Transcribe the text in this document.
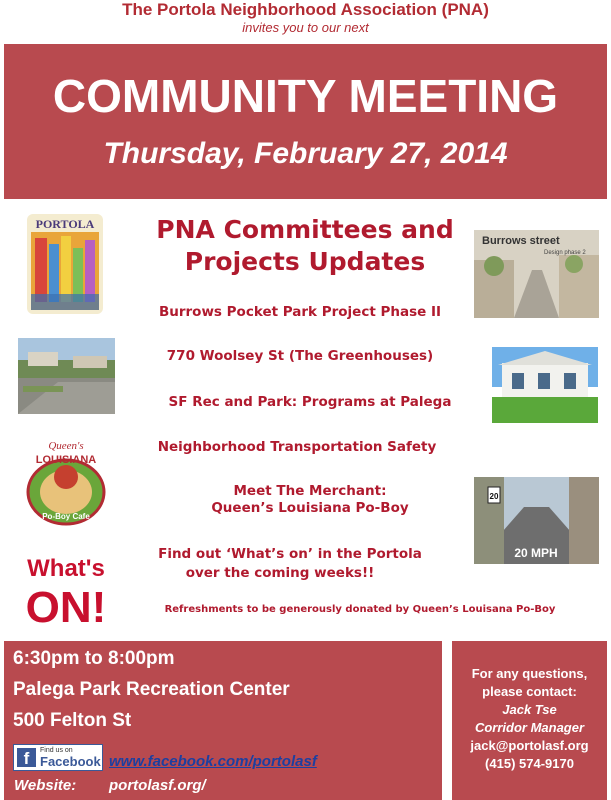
The Portola Neighborhood Association (PNA)
invites you to our next
COMMUNITY MEETING
Thursday, February 27, 2014
PORTOLA
Queen's
LOUISIANA
Po-Boy Cafe
What's
ON!
Burrows street
Design phase 2
20
20 MPH
PNA Committees and
Projects Updates
Burrows Pocket Park Project Phase II
770 Woolsey St (The Greenhouses)
SF Rec and Park: Programs at Palega
Neighborhood Transportation Safety
Meet The Merchant:
Queen’s Louisiana Po-Boy
Find out ‘What’s on’ in the Portola
over the coming weeks!!
Refreshments to be generously donated by Queen’s Louisana Po-Boy
6:30pm to 8:00pm
Palega Park Recreation Center
500 Felton St
f	Find us on
Facebook www.facebook.com/portolasf
Website: portolasf.org/
For any questions,
please contact:
Jack Tse
Corridor Manager
jack@portolasf.org
(415) 574-9170
